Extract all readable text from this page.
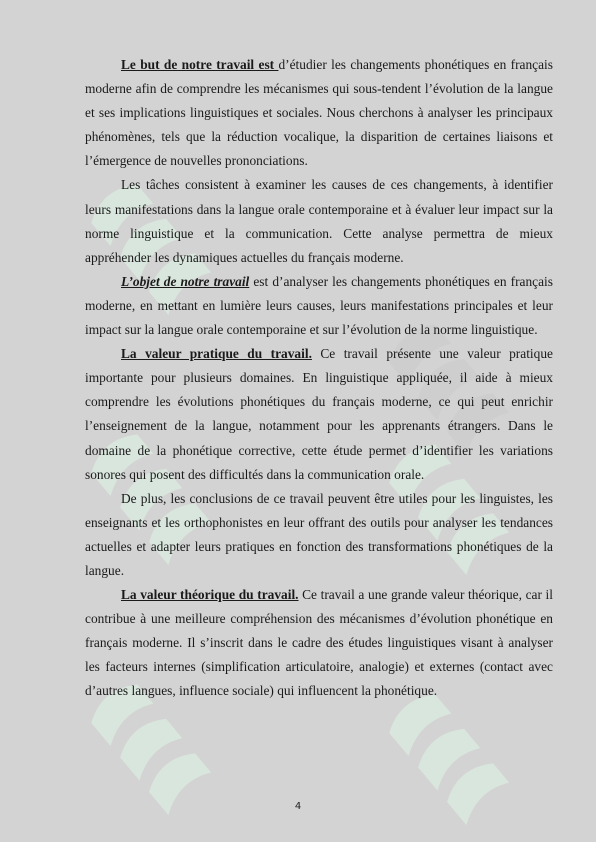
Le but de notre travail est d’étudier les changements phonétiques en français moderne afin de comprendre les mécanismes qui sous-tendent l’évolution de la langue et ses implications linguistiques et sociales. Nous cherchons à analyser les principaux phénomènes, tels que la réduction vocalique, la disparition de certaines liaisons et l’émergence de nouvelles prononciations.

Les tâches consistent à examiner les causes de ces changements, à identifier leurs manifestations dans la langue orale contemporaine et à évaluer leur impact sur la norme linguistique et la communication. Cette analyse permettra de mieux appréhender les dynamiques actuelles du français moderne.

L’objet de notre travail est d’analyser les changements phonétiques en français moderne, en mettant en lumière leurs causes, leurs manifestations principales et leur impact sur la langue orale contemporaine et sur l’évolution de la norme linguistique.

La valeur pratique du travail. Ce travail présente une valeur pratique importante pour plusieurs domaines. En linguistique appliquée, il aide à mieux comprendre les évolutions phonétiques du français moderne, ce qui peut enrichir l’enseignement de la langue, notamment pour les apprenants étrangers. Dans le domaine de la phonétique corrective, cette étude permet d’identifier les variations sonores qui posent des difficultés dans la communication orale.

De plus, les conclusions de ce travail peuvent être utiles pour les linguistes, les enseignants et les orthophonistes en leur offrant des outils pour analyser les tendances actuelles et adapter leurs pratiques en fonction des transformations phonétiques de la langue.

La valeur théorique du travail. Ce travail a une grande valeur théorique, car il contribue à une meilleure compréhension des mécanismes d’évolution phonétique en français moderne. Il s’inscrit dans le cadre des études linguistiques visant à analyser les facteurs internes (simplification articulatoire, analogie) et externes (contact avec d’autres langues, influence sociale) qui influencent la phonétique.

4
